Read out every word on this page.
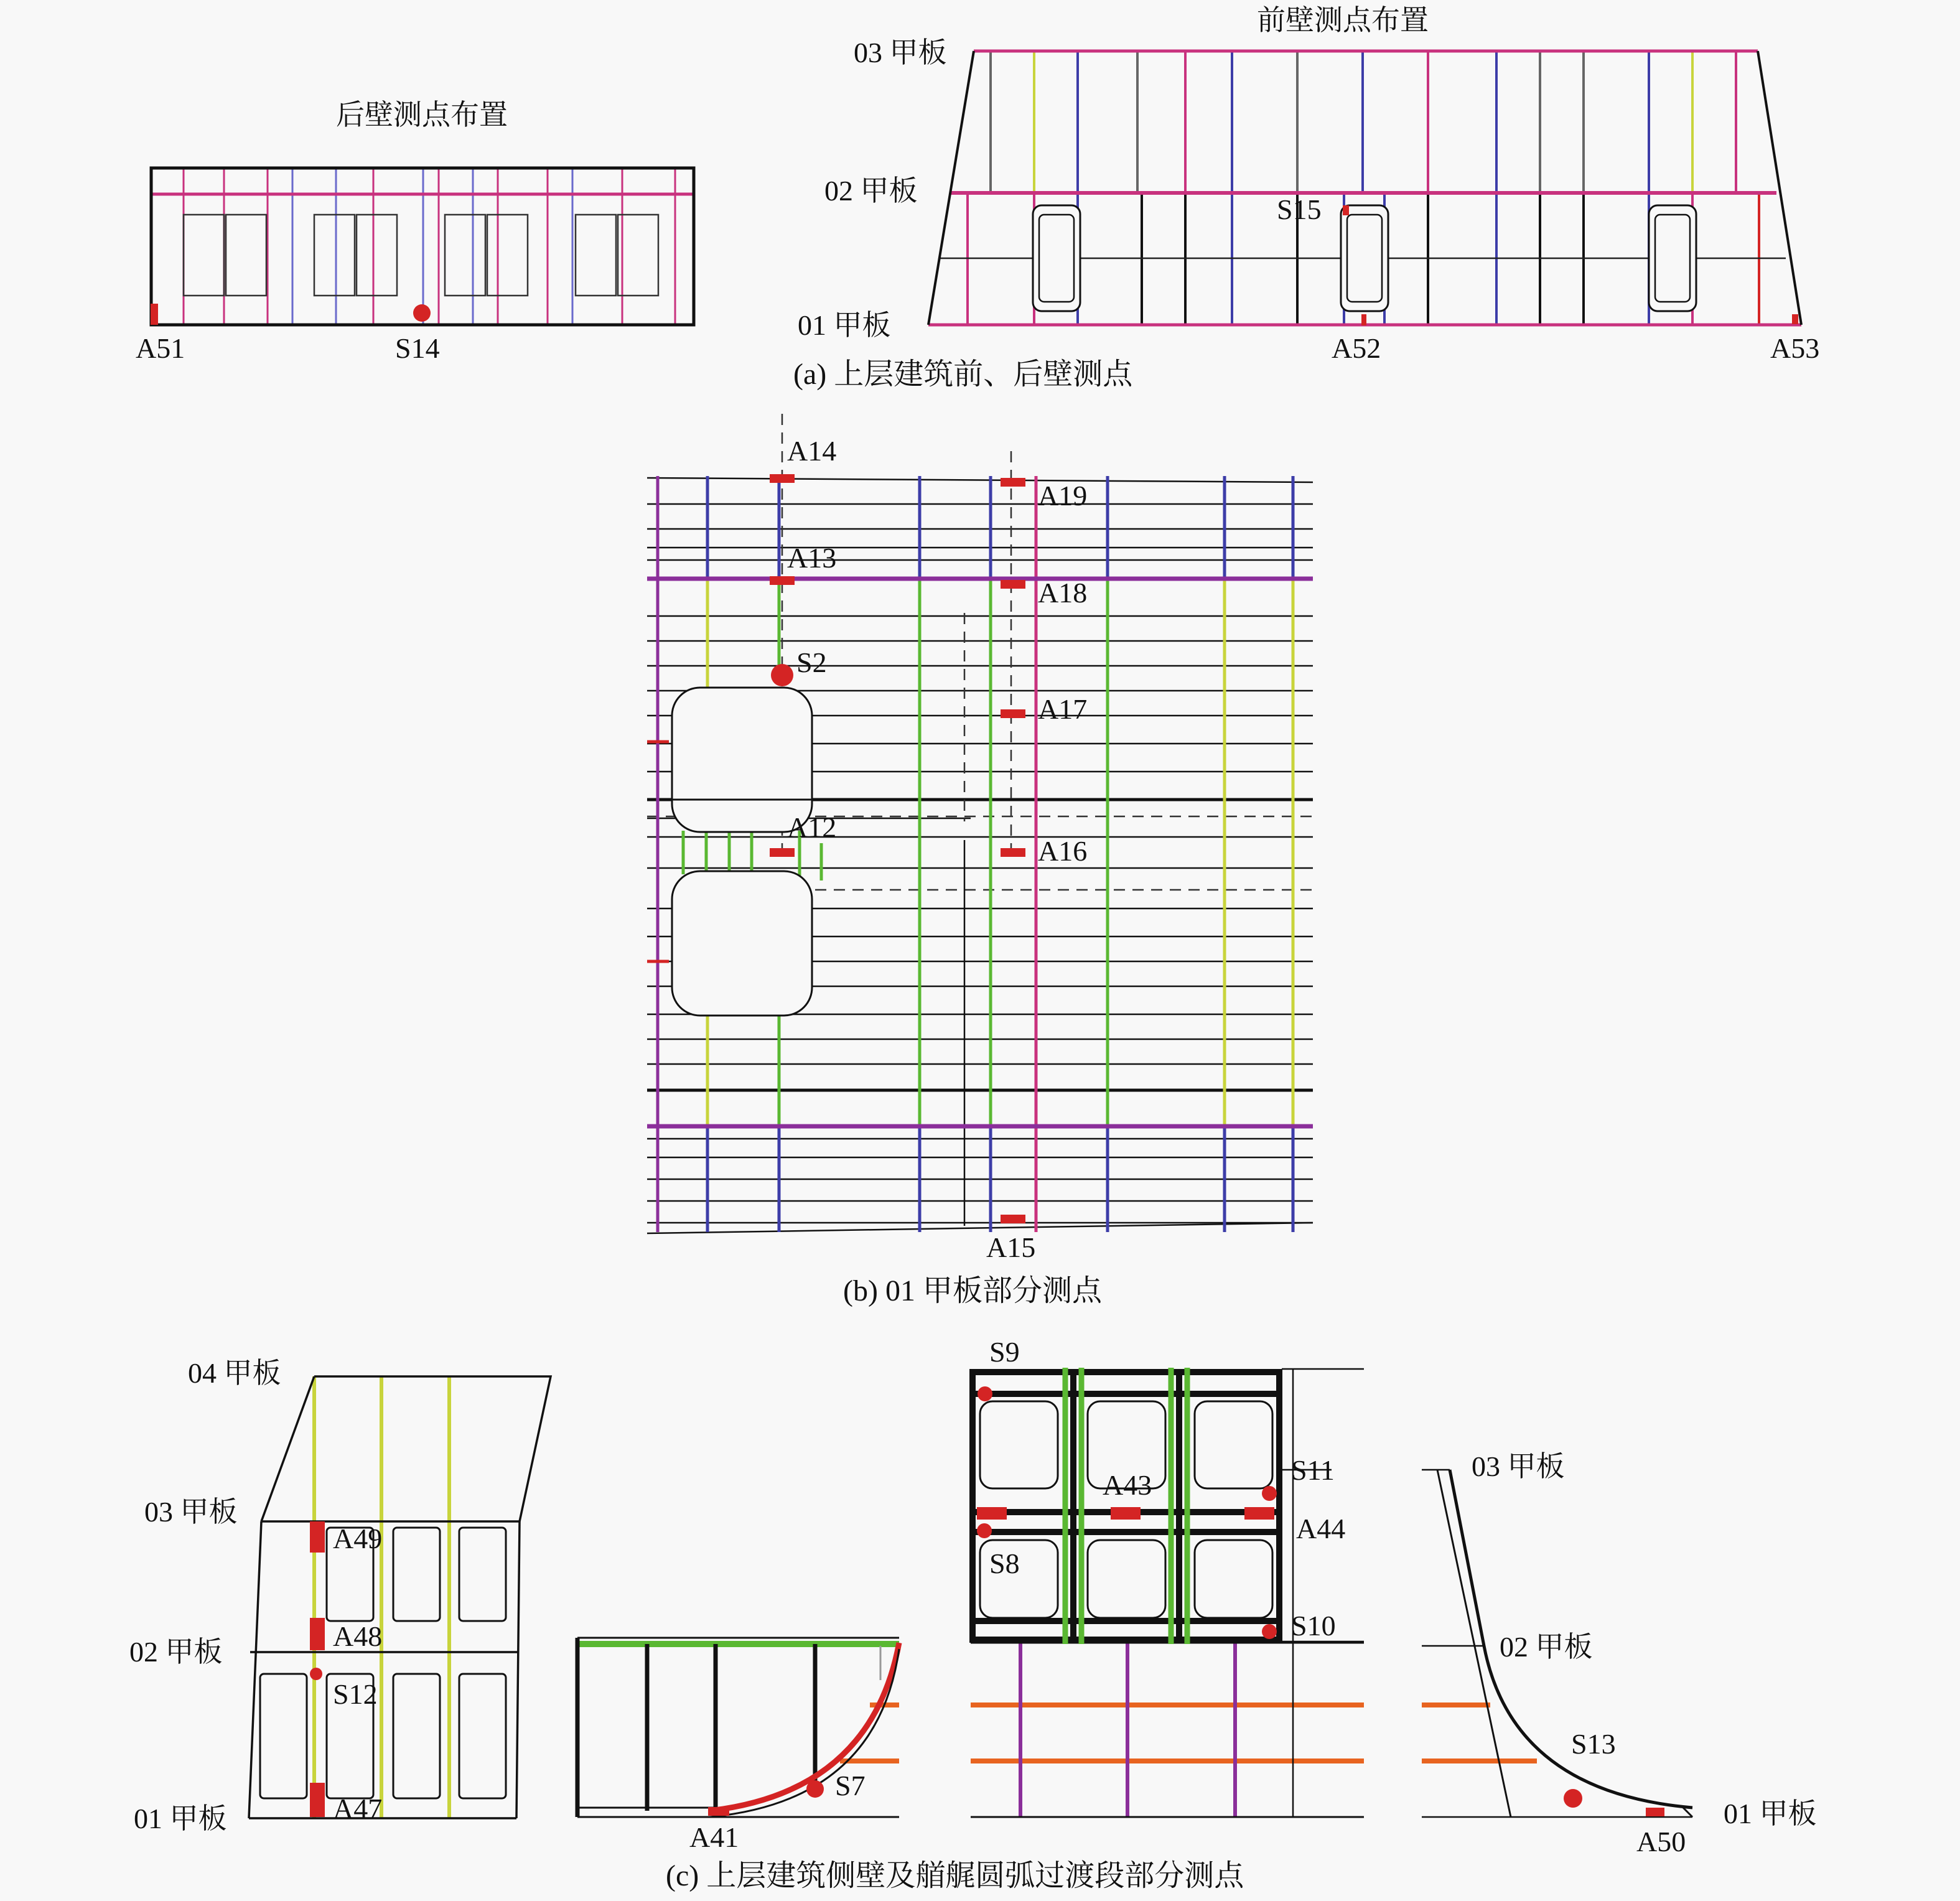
后壁测点布置
A51	S14
前壁测点布置
03 甲板
02 甲板
01 甲板
S15
A52	A53
(a) 上层建筑前、后壁测点
A14
A19
A13
A18
S2
A17
A12
A16
A15
(b) 01 甲板部分测点
04 甲板
03 甲板
02 甲板
01 甲板
A49
A48
S12
A47
A41
S7
S9
S11
A43
A44
S8
S10
03 甲板
02 甲板
S13
01 甲板
A50
(c) 上层建筑侧壁及艏艉圆弧过渡段部分测点
